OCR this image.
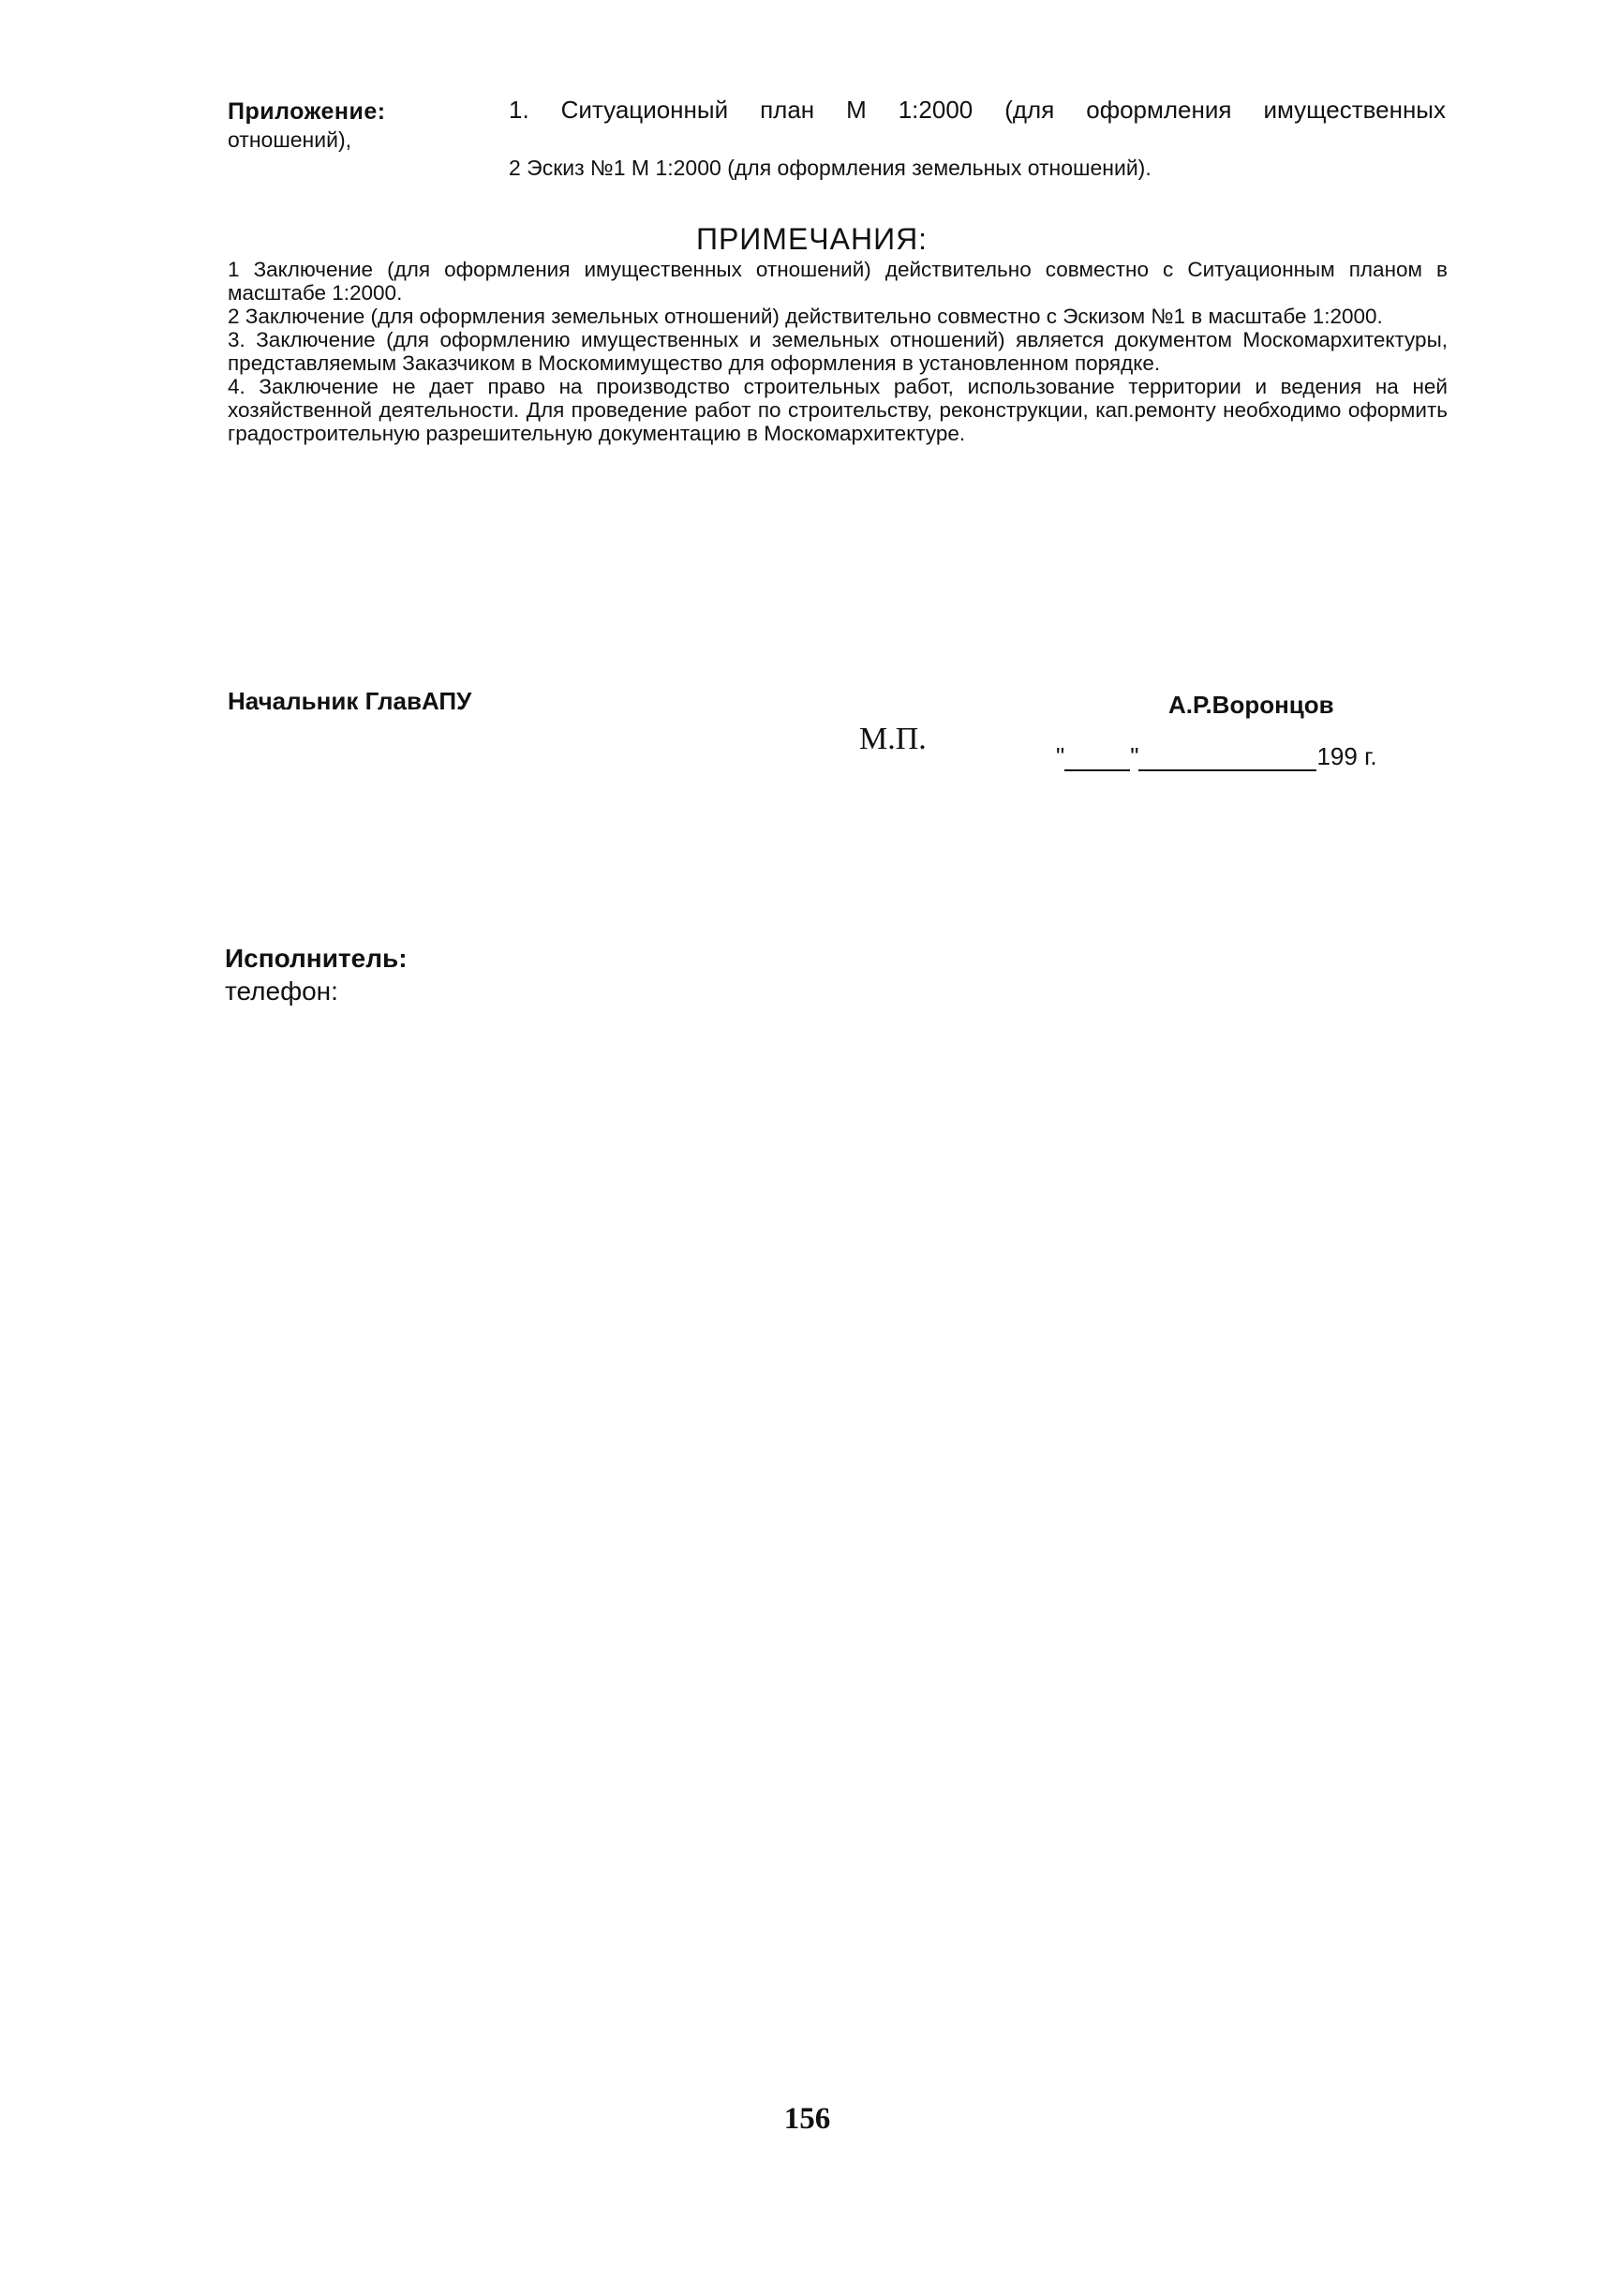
Приложение:	1. Ситуационный план М 1:2000 (для оформления имущественных
отношений),
2 Эскиз №1 М 1:2000 (для оформления земельных отношений).
ПРИМЕЧАНИЯ:

1 Заключение (для оформления имущественных отношений) действительно совместно с Ситуационным планом в масштабе 1:2000.

2 Заключение (для оформления земельных отношений) действительно совместно с Эскизом №1 в масштабе 1:2000.

3. Заключение (для оформлению имущественных и земельных отношений) является документом Москомархитектуры, представляемым Заказчиком в Москомимущество для оформления в установленном порядке.

4. Заключение не дает право на производство строительных работ, использование территории и ведения на ней хозяйственной деятельности. Для проведение работ по строительству, реконструкции, кап.ремонту необходимо оформить градостроительную разрешительную документацию в Москомархитектуре.

Начальник ГлавАПУ	А.Р.Воронцов
М.П.	"	"	199 г.
Исполнитель:
телефон:
156
